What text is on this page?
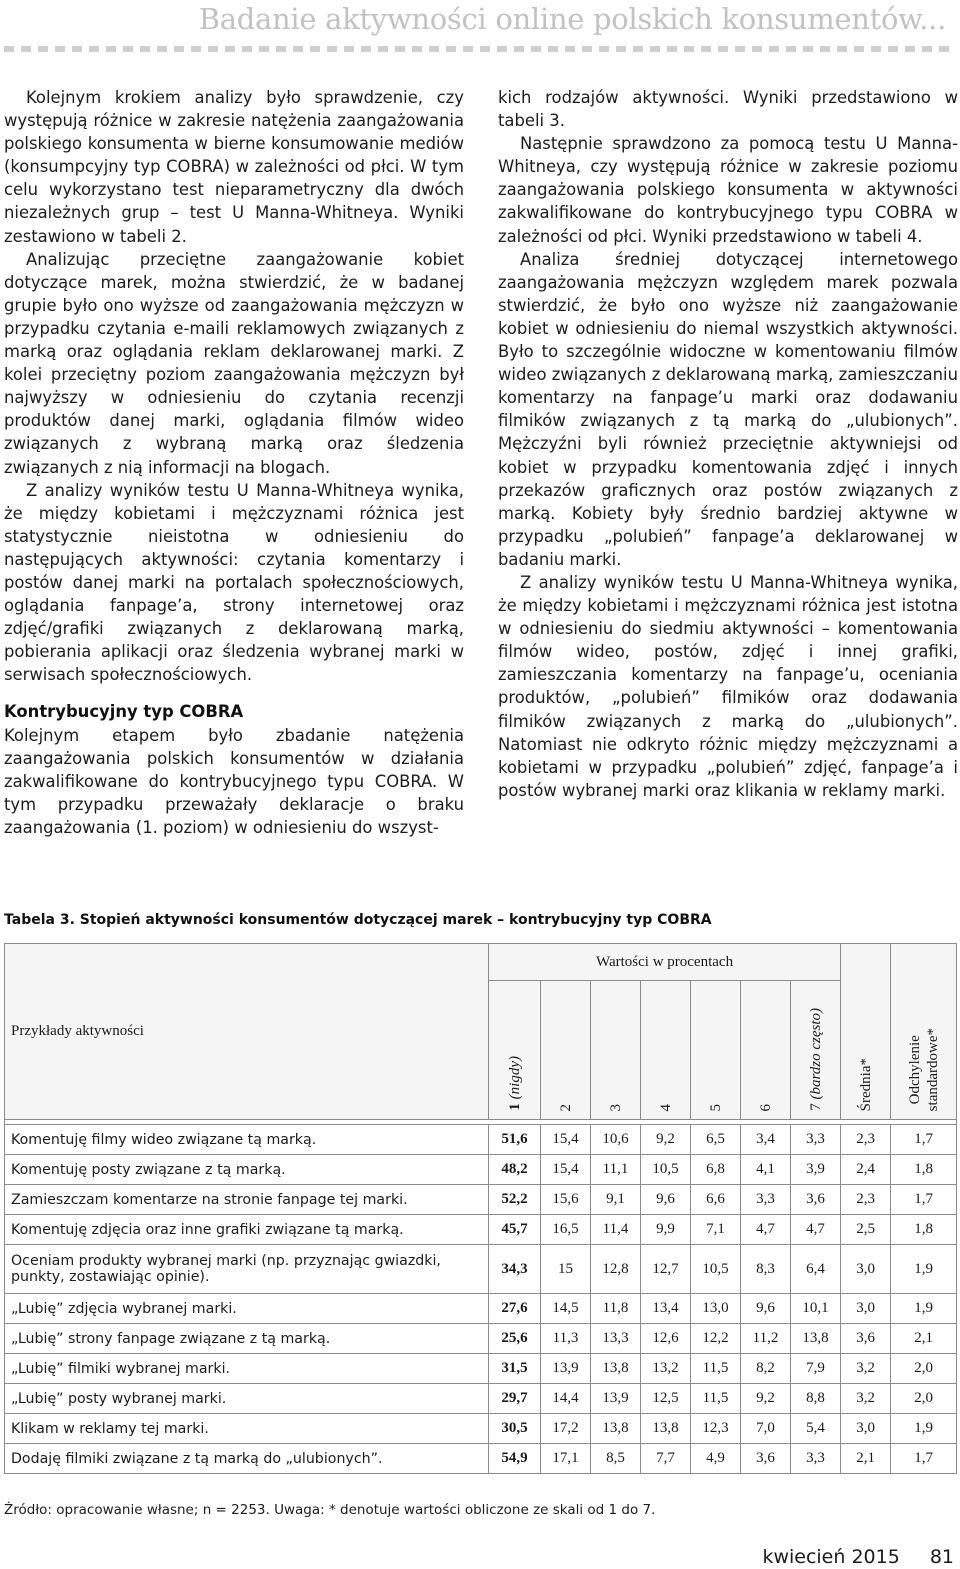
Badanie aktywności online polskich konsumentów...

Kolejnym krokiem analizy było sprawdzenie, czy występują różnice w zakresie natężenia zaangażowania polskiego konsumenta w bierne konsumowanie mediów (konsumpcyjny typ COBRA) w zależności od płci. W tym celu wykorzystano test nieparametryczny dla dwóch niezależnych grup – test U Manna-Whitneya. Wyniki zestawiono w tabeli 2.

Analizując przeciętne zaangażowanie kobiet dotyczące marek, można stwierdzić, że w badanej grupie było ono wyższe od zaangażowania mężczyzn w przypadku czytania e-maili reklamowych związanych z marką oraz oglądania reklam deklarowanej marki. Z kolei przeciętny poziom zaangażowania mężczyzn był najwyższy w odniesieniu do czytania recenzji produktów danej marki, oglądania filmów wideo związanych z wybraną marką oraz śledzenia związanych z nią informacji na blogach.

Z analizy wyników testu U Manna-Whitneya wynika, że między kobietami i mężczyznami różnica jest statystycznie nieistotna w odniesieniu do następujących aktywności: czytania komentarzy i postów danej marki na portalach społecznościowych, oglądania fanpage’a, strony internetowej oraz zdjęć/grafiki związanych z deklarowaną marką, pobierania aplikacji oraz śledzenia wybranej marki w serwisach społecznościowych.

Kontrybucyjny typ COBRA

Kolejnym etapem było zbadanie natężenia zaangażowania polskich konsumentów w działania zakwalifikowane do kontrybucyjnego typu COBRA. W tym przypadku przeważały deklaracje o braku zaangażowania (1. poziom) w odniesieniu do wszyst-

kich rodzajów aktywności. Wyniki przedstawiono w tabeli 3.

Następnie sprawdzono za pomocą testu U Manna-Whitneya, czy występują różnice w zakresie poziomu zaangażowania polskiego konsumenta w aktywności zakwalifikowane do kontrybucyjnego typu COBRA w zależności od płci. Wyniki przedstawiono w tabeli 4.

Analiza średniej dotyczącej internetowego zaangażowania mężczyzn względem marek pozwala stwierdzić, że było ono wyższe niż zaangażowanie kobiet w odniesieniu do niemal wszystkich aktywności. Było to szczególnie widoczne w komentowaniu filmów wideo związanych z deklarowaną marką, zamieszczaniu komentarzy na fanpage’u marki oraz dodawaniu filmików związanych z tą marką do „ulubionych”. Mężczyźni byli również przeciętnie aktywniejsi od kobiet w przypadku komentowania zdjęć i innych przekazów graficznych oraz postów związanych z marką. Kobiety były średnio bardziej aktywne w przypadku „polubień” fanpage’a deklarowanej w badaniu marki.

Z analizy wyników testu U Manna-Whitneya wynika, że między kobietami i mężczyznami różnica jest istotna w odniesieniu do siedmiu aktywności – komentowania filmów wideo, postów, zdjęć i innej grafiki, zamieszczania komentarzy na fanpage’u, oceniania produktów, „polubień” filmików oraz dodawania filmików związanych z marką do „ulubionych”. Natomiast nie odkryto różnic między mężczyznami a kobietami w przypadku „polubień” zdjęć, fanpage’a i postów wybranej marki oraz klikania w reklamy marki.

Tabela 3. Stopień aktywności konsumentów dotyczącej marek – kontrybucyjny typ COBRA
Przykłady aktywności	Wartości w procentach							Średnia*	Odchylenie standardowe*

	1 (nigdy)	2	3	4	5	6	7 (bardzo często)		

Komentuję filmy wideo związane tą marką.	51,6	15,4	10,6	9,2	6,5	3,4	3,3	2,3	1,7
Komentuję posty związane z tą marką.	48,2	15,4	11,1	10,5	6,8	4,1	3,9	2,4	1,8
Zamieszczam komentarze na stronie fanpage tej marki.	52,2	15,6	9,1	9,6	6,6	3,3	3,6	2,3	1,7
Komentuję zdjęcia oraz inne grafiki związane tą marką.	45,7	16,5	11,4	9,9	7,1	4,7	4,7	2,5	1,8
Oceniam produkty wybranej marki (np. przyznając gwiazdki, punkty, zostawiając opinie).	34,3	15	12,8	12,7	10,5	8,3	6,4	3,0	1,9
„Lubię” zdjęcia wybranej marki.	27,6	14,5	11,8	13,4	13,0	9,6	10,1	3,0	1,9
„Lubię” strony fanpage związane z tą marką.	25,6	11,3	13,3	12,6	12,2	11,2	13,8	3,6	2,1
„Lubię” filmiki wybranej marki.	31,5	13,9	13,8	13,2	11,5	8,2	7,9	3,2	2,0
„Lubię” posty wybranej marki.	29,7	14,4	13,9	12,5	11,5	9,2	8,8	3,2	2,0
Klikam w reklamy tej marki.	30,5	17,2	13,8	13,8	12,3	7,0	5,4	3,0	1,9
Dodaję filmiki związane z tą marką do „ulubionych”.	54,9	17,1	8,5	7,7	4,9	3,6	3,3	2,1	1,7
Źródło: opracowanie własne; n = 2253. Uwaga: * denotuje wartości obliczone ze skali od 1 do 7.
kwiecień 2015 81
